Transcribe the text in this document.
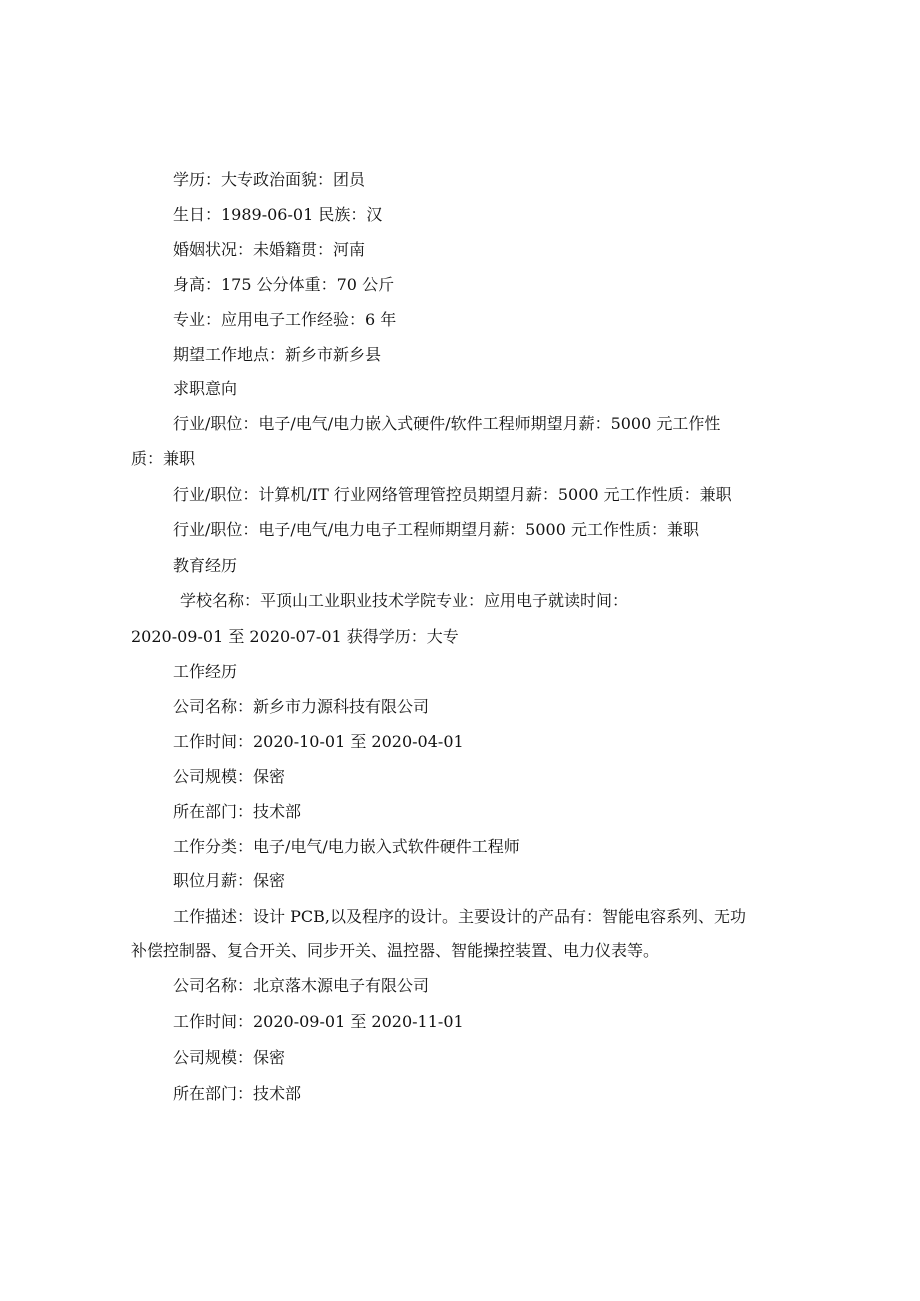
学历：大专政治面貌：团员
生日：1989-06-01 民族：汉
婚姻状况：未婚籍贯：河南
身高：175 公分体重：70 公斤
专业：应用电子工作经验：6 年
期望工作地点：新乡市新乡县
求职意向
行业/职位：电子/电气/电力嵌入式硬件/软件工程师期望月薪：5000 元工作性
质：兼职
行业/职位：计算机/IT 行业网络管理管控员期望月薪：5000 元工作性质：兼职
行业/职位：电子/电气/电力电子工程师期望月薪：5000 元工作性质：兼职
教育经历
学校名称：平顶山工业职业技术学院专业：应用电子就读时间：
2020-09-01 至 2020-07-01 获得学历：大专
工作经历
公司名称：新乡市力源科技有限公司
工作时间：2020-10-01 至 2020-04-01
公司规模：保密
所在部门：技术部
工作分类：电子/电气/电力嵌入式软件硬件工程师
职位月薪：保密
工作描述：设计 PCB,以及程序的设计。主要设计的产品有：智能电容系列、无功
补偿控制器、复合开关、同步开关、温控器、智能操控装置、电力仪表等。
公司名称：北京落木源电子有限公司
工作时间：2020-09-01 至 2020-11-01
公司规模：保密
所在部门：技术部
